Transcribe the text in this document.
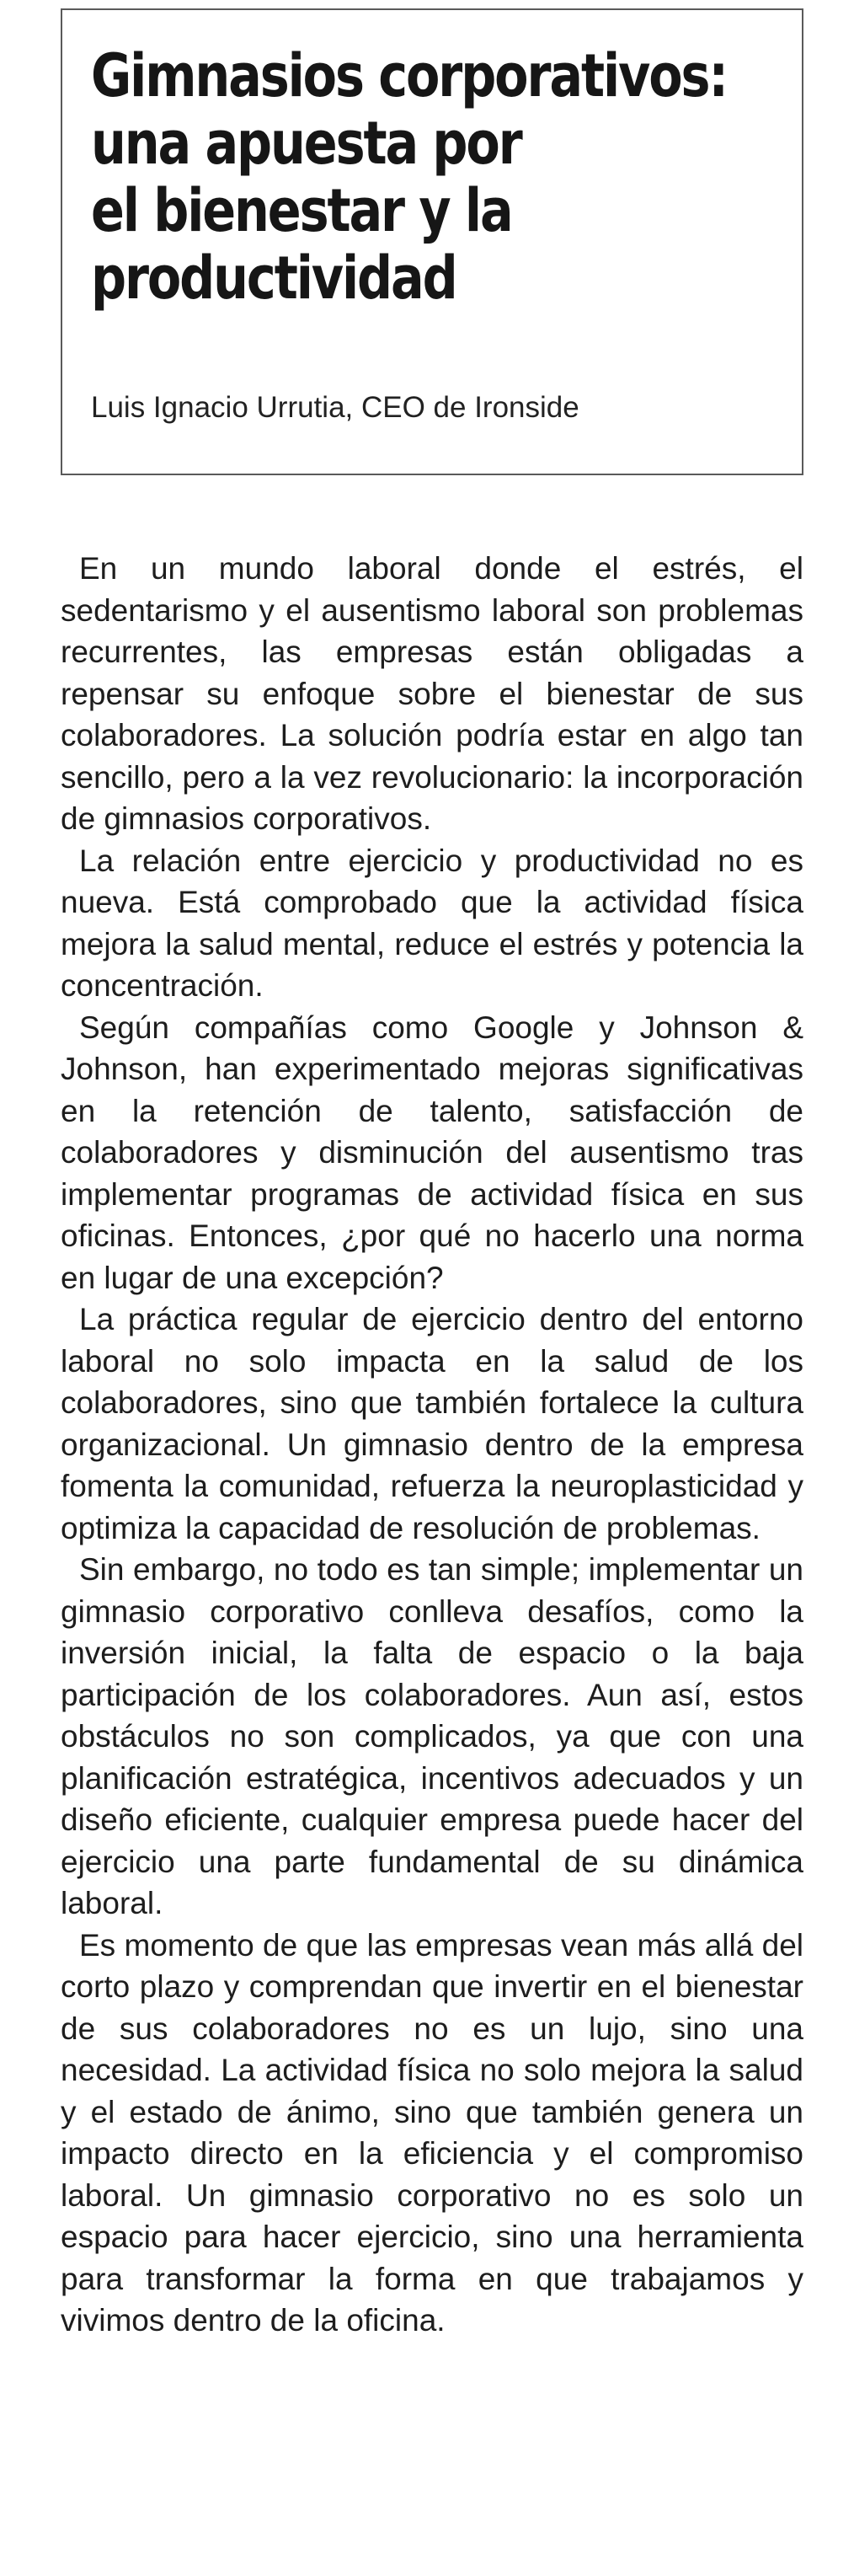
Gimnasios corporativos:
una apuesta por
el bienestar y la
productividad

Luis Ignacio Urrutia, CEO de Ironside

En un mundo laboral donde el estrés, el sedentarismo y el ausentismo laboral son problemas recurrentes, las empresas están obligadas a repensar su enfoque sobre el bienestar de sus colaboradores. La solución podría estar en algo tan sencillo, pero a la vez revolucionario: la incorporación de gimnasios corporativos.

La relación entre ejercicio y productividad no es nueva. Está comprobado que la actividad física mejora la salud mental, reduce el estrés y potencia la concentración.

Según compañías como Google y Johnson & Johnson, han experimentado mejoras significativas en la retención de talento, satisfacción de colaboradores y disminución del ausentismo tras implementar programas de actividad física en sus oficinas. Entonces, ¿por qué no hacerlo una norma en lugar de una excepción?

La práctica regular de ejercicio dentro del entorno laboral no solo impacta en la salud de los colaboradores, sino que también fortalece la cultura organizacional. Un gimnasio dentro de la empresa fomenta la comunidad, refuerza la neuroplasticidad y optimiza la capacidad de resolución de problemas.

Sin embargo, no todo es tan simple; implementar un gimnasio corporativo conlleva desafíos, como la inversión inicial, la falta de espacio o la baja participación de los colaboradores. Aun así, estos obstáculos no son complicados, ya que con una planificación estratégica, incentivos adecuados y un diseño eficiente, cualquier empresa puede hacer del ejercicio una parte fundamental de su dinámica laboral.

Es momento de que las empresas vean más allá del corto plazo y comprendan que invertir en el bienestar de sus colaboradores no es un lujo, sino una necesidad. La actividad física no solo mejora la salud y el estado de ánimo, sino que también genera un impacto directo en la eficiencia y el compromiso laboral. Un gimnasio corporativo no es solo un espacio para hacer ejercicio, sino una herramienta para transformar la forma en que trabajamos y vivimos dentro de la oficina.
